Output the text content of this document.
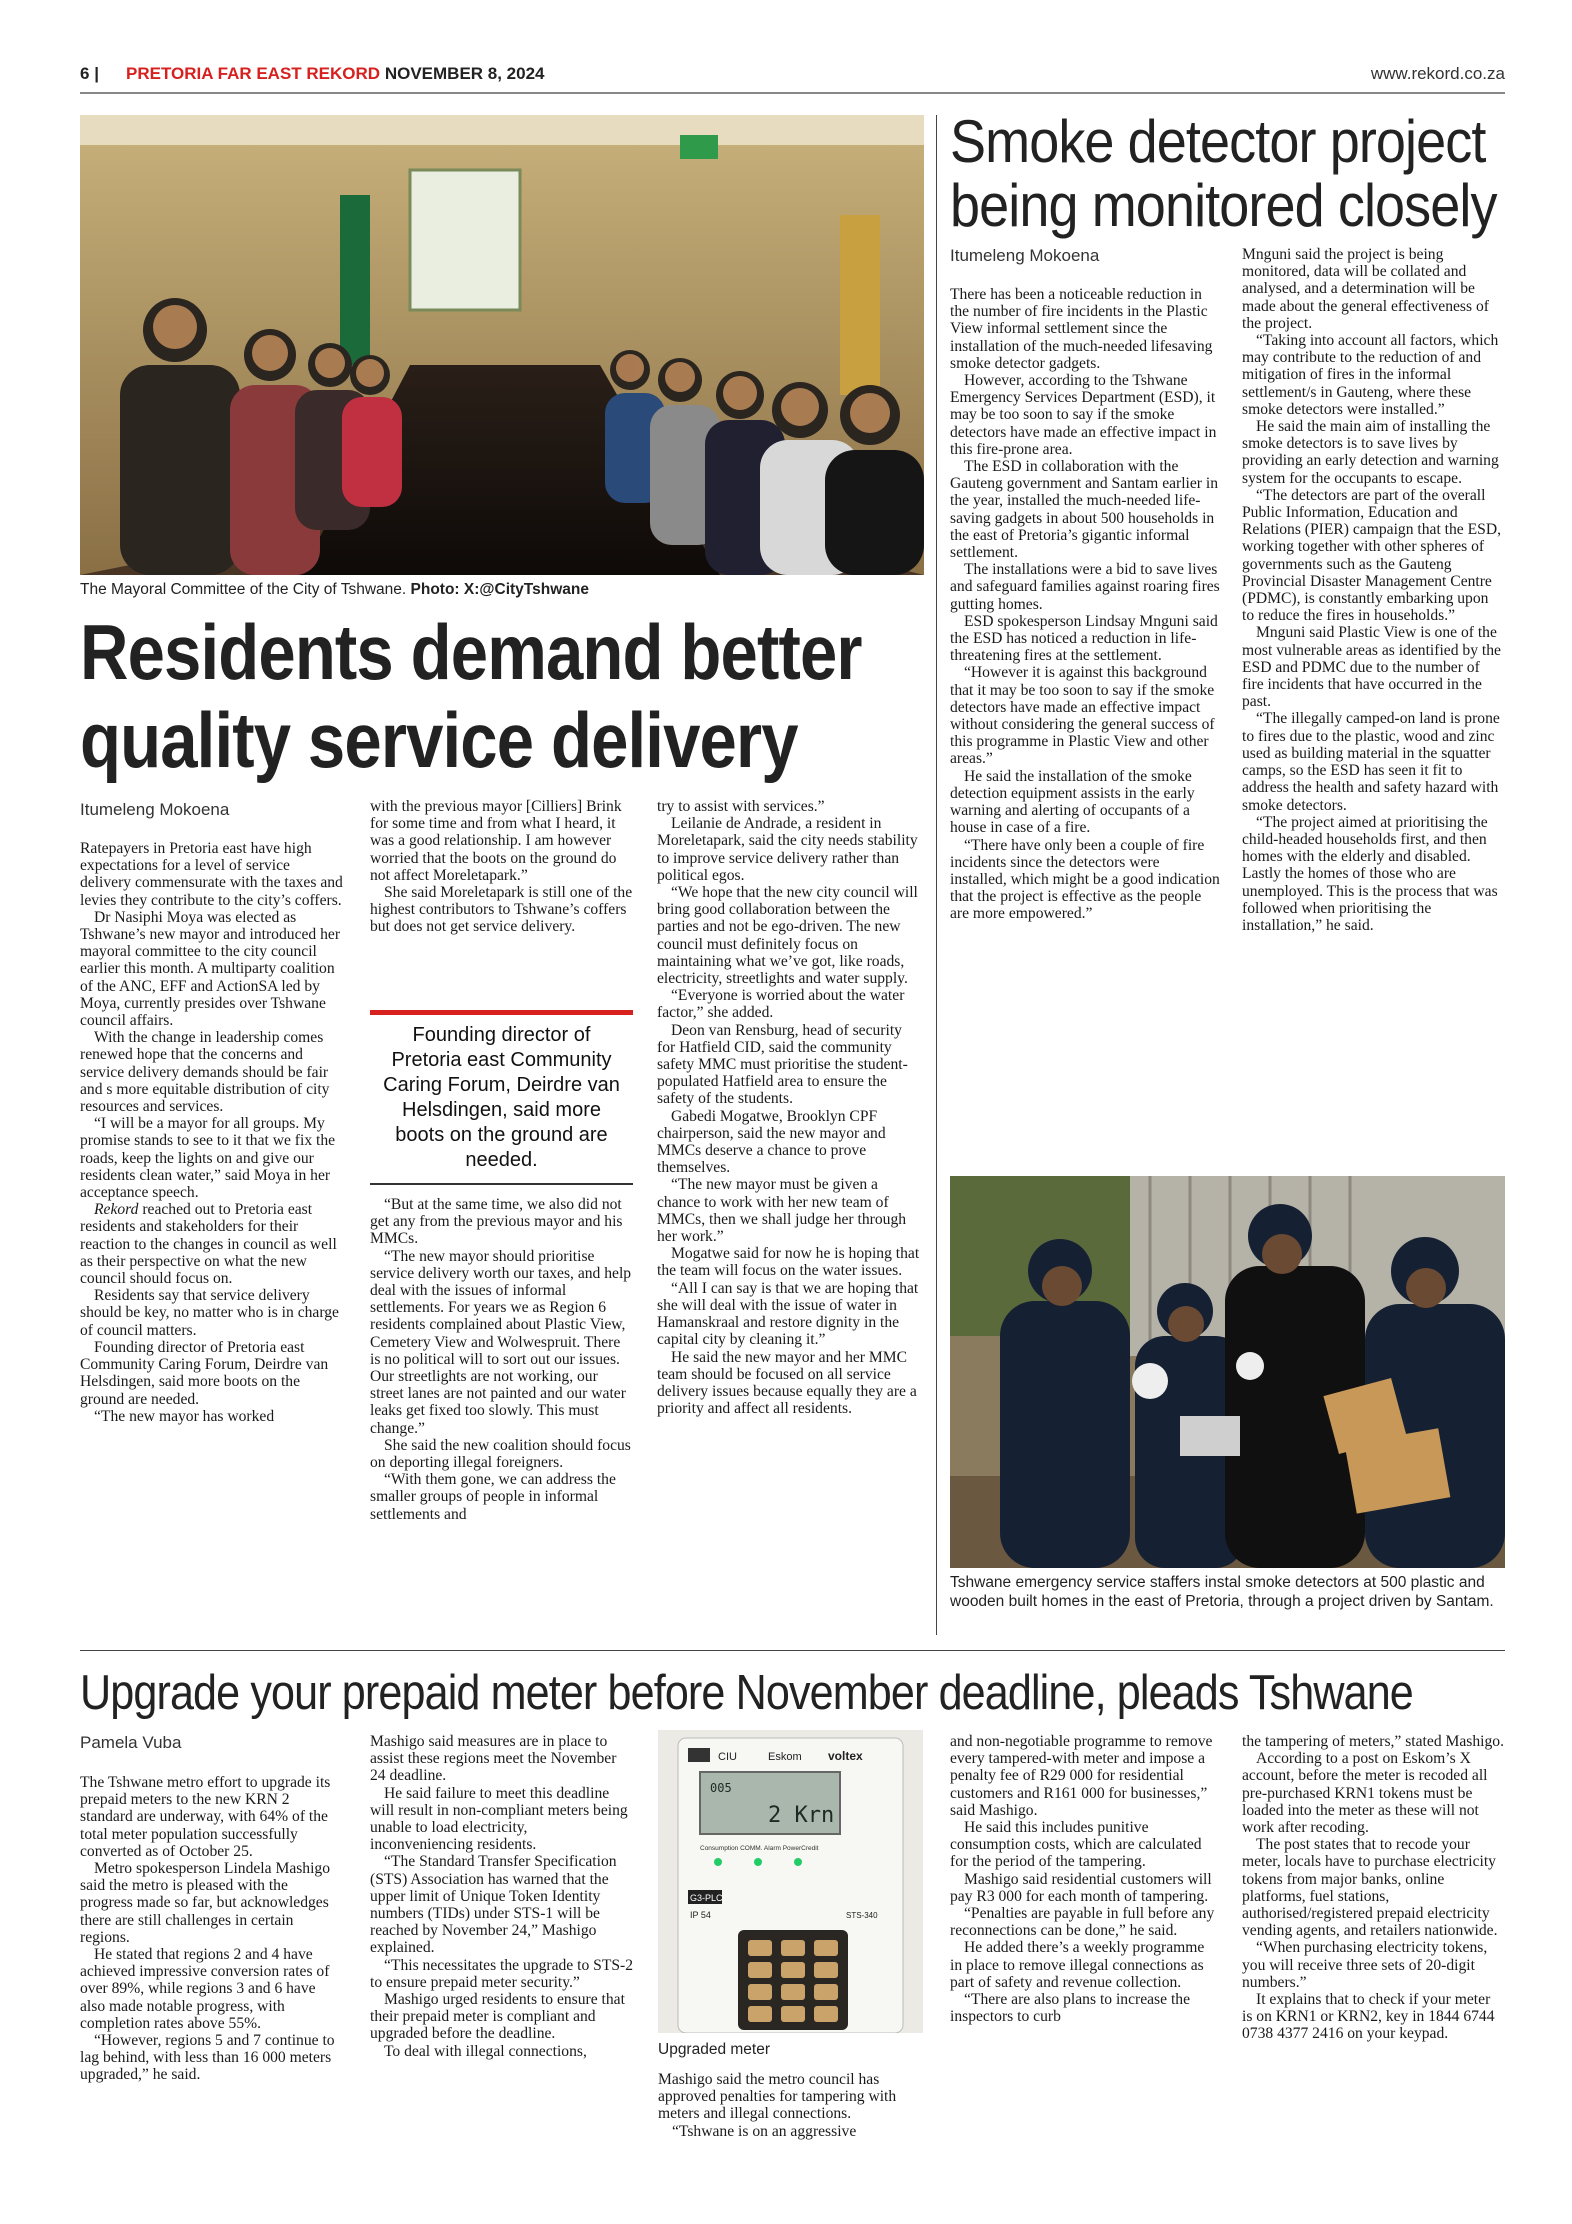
6 | PRETORIA FAR EAST REKORD NOVEMBER 8, 2024	www.rekord.co.za
The Mayoral Committee of the City of Tshwane. Photo: X:@CityTshwane
Residents demand better
quality service delivery
Itumeleng Mokoena

Ratepayers in Pretoria east have high expectations for a level of service delivery commensurate with the taxes and levies they contribute to the city’s coffers.

Dr Nasiphi Moya was elected as Tshwane’s new mayor and introduced her mayoral committee to the city council earlier this month. A multiparty coalition of the ANC, EFF and ActionSA led by Moya, currently presides over Tshwane council affairs.

With the change in leadership comes renewed hope that the concerns and service delivery demands should be fair and s more equitable distribution of city resources and services.

“I will be a mayor for all groups. My promise stands to see to it that we fix the roads, keep the lights on and give our residents clean water,” said Moya in her acceptance speech.

Rekord reached out to Pretoria east residents and stakeholders for their reaction to the changes in council as well as their perspective on what the new council should focus on.

Residents say that service delivery should be key, no matter who is in charge of council matters.

Founding director of Pretoria east Community Caring Forum, Deirdre van Helsdingen, said more boots on the ground are needed.

“The new mayor has worked

with the previous mayor [Cilliers] Brink for some time and from what I heard, it was a good relationship. I am however worried that the boots on the ground do not affect Moreletapark.”

She said Moreletapark is still one of the highest contributors to Tshwane’s coffers but does not get service delivery.

Founding director of Pretoria east Community Caring Forum, Deirdre van Helsdingen, said more boots on the ground are needed.

“But at the same time, we also did not get any from the previous mayor and his MMCs.

“The new mayor should prioritise service delivery worth our taxes, and help deal with the issues of informal settlements. For years we as Region 6 residents complained about Plastic View, Cemetery View and Wolwespruit. There is no political will to sort out our issues. Our streetlights are not working, our street lanes are not painted and our water leaks get fixed too slowly. This must change.”

She said the new coalition should focus on deporting illegal foreigners.

“With them gone, we can address the smaller groups of people in informal settlements and

try to assist with services.”

Leilanie de Andrade, a resident in Moreletapark, said the city needs stability to improve service delivery rather than political egos.

“We hope that the new city council will bring good collaboration between the parties and not be ego-driven. The new council must definitely focus on maintaining what we’ve got, like roads, electricity, streetlights and water supply.

“Everyone is worried about the water factor,” she added.

Deon van Rensburg, head of security for Hatfield CID, said the community safety MMC must prioritise the student-populated Hatfield area to ensure the safety of the students.

Gabedi Mogatwe, Brooklyn CPF chairperson, said the new mayor and MMCs deserve a chance to prove themselves.

“The new mayor must be given a chance to work with her new team of MMCs, then we shall judge her through her work.”

Mogatwe said for now he is hoping that the team will focus on the water issues.

“All I can say is that we are hoping that she will deal with the issue of water in Hamanskraal and restore dignity in the capital city by cleaning it.”

He said the new mayor and her MMC team should be focused on all service delivery issues because equally they are a priority and affect all residents.

Smoke detector project
being monitored closely
Itumeleng Mokoena

There has been a noticeable reduction in the number of fire incidents in the Plastic View informal settlement since the installation of the much-needed lifesaving smoke detector gadgets.

However, according to the Tshwane Emergency Services Department (ESD), it may be too soon to say if the smoke detectors have made an effective impact in this fire-prone area.

The ESD in collaboration with the Gauteng government and Santam earlier in the year, installed the much-needed life-saving gadgets in about 500 households in the east of Pretoria’s gigantic informal settlement.

The installations were a bid to save lives and safeguard families against roaring fires gutting homes.

ESD spokesperson Lindsay Mnguni said the ESD has noticed a reduction in life-threatening fires at the settlement.

“However it is against this background that it may be too soon to say if the smoke detectors have made an effective impact without considering the general success of this programme in Plastic View and other areas.”

He said the installation of the smoke detection equipment assists in the early warning and alerting of occupants of a house in case of a fire.

“There have only been a couple of fire incidents since the detectors were installed, which might be a good indication that the project is effective as the people are more empowered.”

Mnguni said the project is being monitored, data will be collated and analysed, and a determination will be made about the general effectiveness of the project.

“Taking into account all factors, which may contribute to the reduction of and mitigation of fires in the informal settlement/s in Gauteng, where these smoke detectors were installed.”

He said the main aim of installing the smoke detectors is to save lives by providing an early detection and warning system for the occupants to escape.

“The detectors are part of the overall Public Information, Education and Relations (PIER) campaign that the ESD, working together with other spheres of governments such as the Gauteng Provincial Disaster Management Centre (PDMC), is constantly embarking upon to reduce the fires in households.”

Mnguni said Plastic View is one of the most vulnerable areas as identified by the ESD and PDMC due to the number of fire incidents that have occurred in the past.

“The illegally camped-on land is prone to fires due to the plastic, wood and zinc used as building material in the squatter camps, so the ESD has seen it fit to address the health and safety hazard with smoke detectors.

“The project aimed at prioritising the child-headed households first, and then homes with the elderly and disabled. Lastly the homes of those who are unemployed. This is the process that was followed when prioritising the installation,” he said.

Tshwane emergency service staffers instal smoke detectors at 500 plastic and wooden built homes in the east of Pretoria, through a project driven by Santam.
Upgrade your prepaid meter before November deadline, pleads Tshwane
Pamela Vuba

The Tshwane metro effort to upgrade its prepaid meters to the new KRN 2 standard are underway, with 64% of the total meter population successfully converted as of October 25.

Metro spokesperson Lindela Mashigo said the metro is pleased with the progress made so far, but acknowledges there are still challenges in certain regions.

He stated that regions 2 and 4 have achieved impressive conversion rates of over 89%, while regions 3 and 6 have also made notable progress, with completion rates above 55%.

“However, regions 5 and 7 continue to lag behind, with less than 16 000 meters upgraded,” he said.

Mashigo said measures are in place to assist these regions meet the November 24 deadline.

He said failure to meet this deadline will result in non-compliant meters being unable to load electricity, inconveniencing residents.

“The Standard Transfer Specification (STS) Association has warned that the upper limit of Unique Token Identity numbers (TIDs) under STS-1 will be reached by November 24,” Mashigo explained.

“This necessitates the upgrade to STS-2 to ensure prepaid meter security.”

Mashigo urged residents to ensure that their prepaid meter is compliant and upgraded before the deadline.

To deal with illegal connections,

CIU	Eskom voltex
005
2 Krn
Consumption COMM. Alarm PowerCredit
G3-PLC
IP 54	STS-340
Upgraded meter

Mashigo said the metro council has approved penalties for tampering with meters and illegal connections.

“Tshwane is on an aggressive

and non-negotiable programme to remove every tampered-with meter and impose a penalty fee of R29 000 for residential customers and R161 000 for businesses,” said Mashigo.

He said this includes punitive consumption costs, which are calculated for the period of the tampering.

Mashigo said residential customers will pay R3 000 for each month of tampering.

“Penalties are payable in full before any reconnections can be done,” he said.

He added there’s a weekly programme in place to remove illegal connections as part of safety and revenue collection.

“There are also plans to increase the inspectors to curb

the tampering of meters,” stated Mashigo.

According to a post on Eskom’s X account, before the meter is recoded all pre-purchased KRN1 tokens must be loaded into the meter as these will not work after recoding.

The post states that to recode your meter, locals have to purchase electricity tokens from major banks, online platforms, fuel stations, authorised/registered prepaid electricity vending agents, and retailers nationwide.

“When purchasing electricity tokens, you will receive three sets of 20-digit numbers.”

It explains that to check if your meter is on KRN1 or KRN2, key in 1844 6744 0738 4377 2416 on your keypad.
